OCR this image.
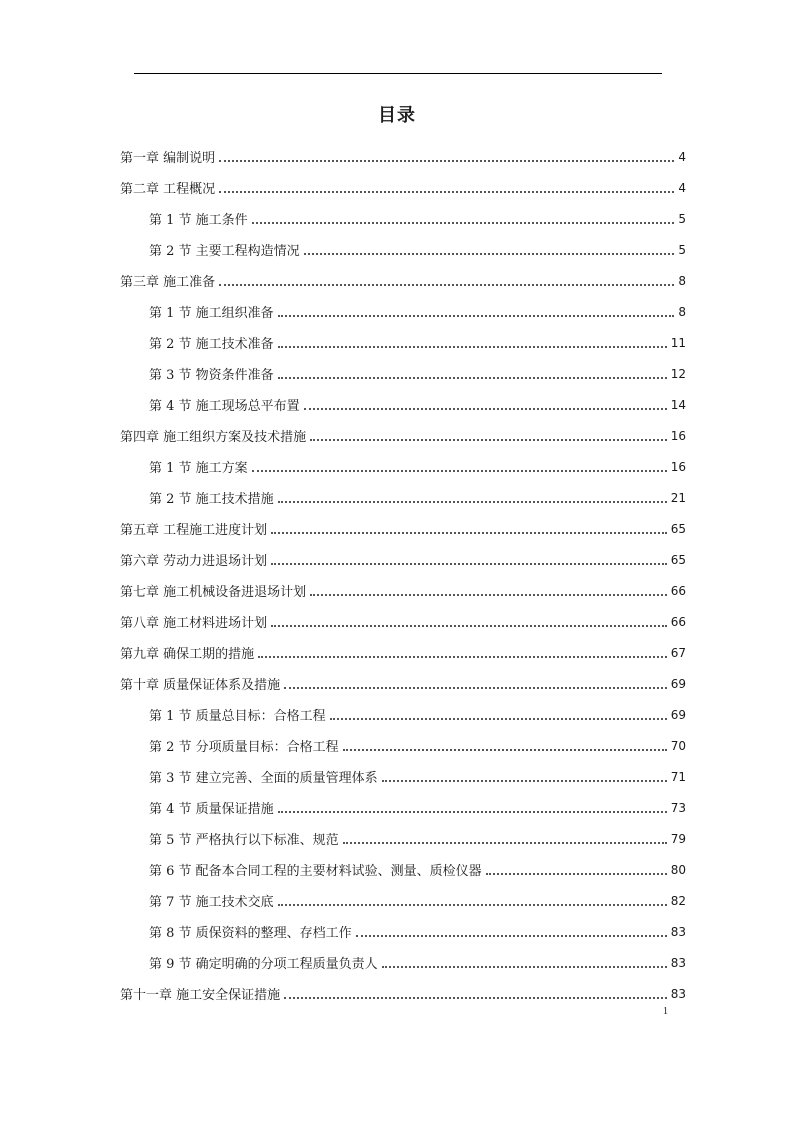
目录
第一章 编制说明	4
第二章 工程概况	4
第 1 节 施工条件	5
第 2 节 主要工程构造情况	5
第三章 施工准备	8
第 1 节 施工组织准备	8
第 2 节 施工技术准备	11
第 3 节 物资条件准备	12
第 4 节 施工现场总平布置	14
第四章 施工组织方案及技术措施	16
第 1 节 施工方案	16
第 2 节 施工技术措施	21
第五章 工程施工进度计划	65
第六章 劳动力进退场计划	65
第七章 施工机械设备进退场计划	66
第八章 施工材料进场计划	66
第九章 确保工期的措施	67
第十章 质量保证体系及措施	69
第 1 节 质量总目标：合格工程	69
第 2 节 分项质量目标：合格工程	70
第 3 节 建立完善、全面的质量管理体系	71
第 4 节 质量保证措施	73
第 5 节 严格执行以下标准、规范	79
第 6 节 配备本合同工程的主要材料试验、测量、质检仪器	80
第 7 节 施工技术交底	82
第 8 节 质保资料的整理、存档工作	83
第 9 节 确定明确的分项工程质量负责人	83
第十一章 施工安全保证措施	83
1
